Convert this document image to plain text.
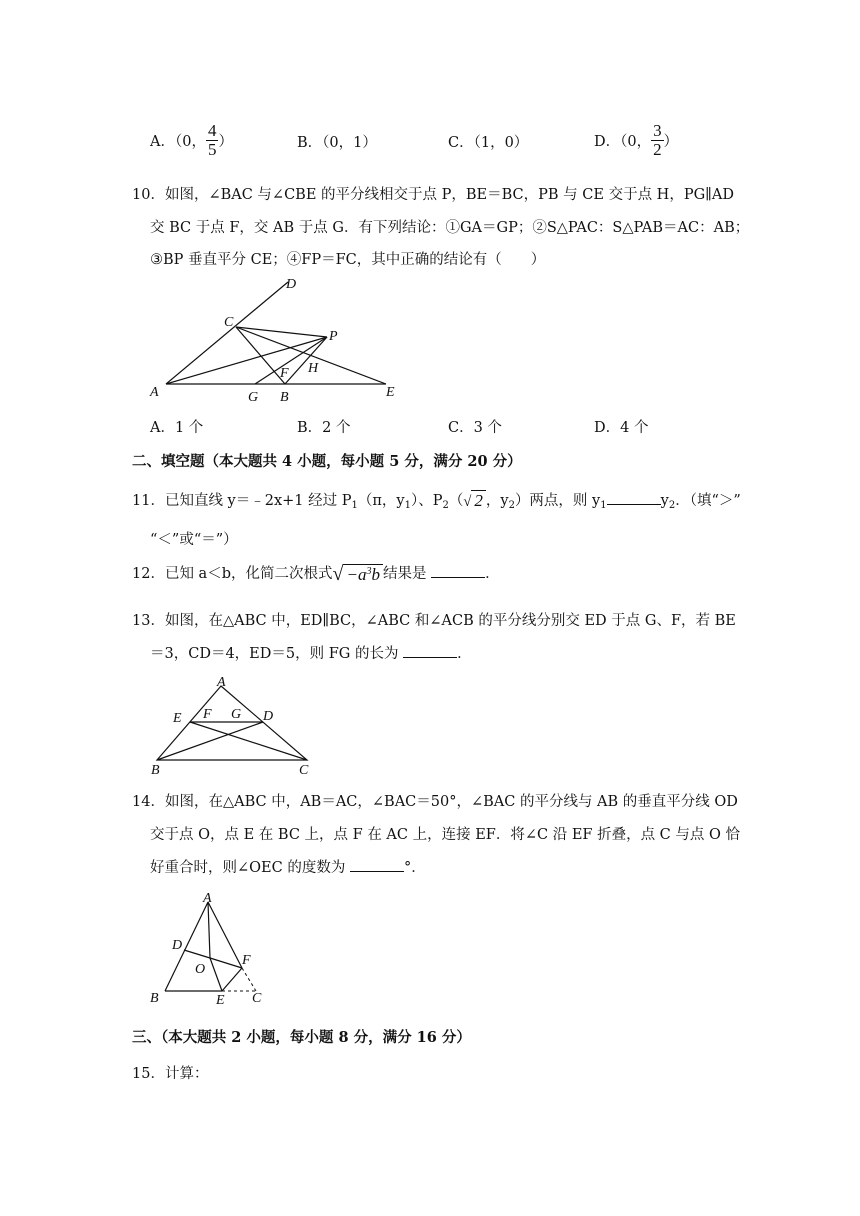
A．（0， $\frac{4}{5}$ ）	B．（0，1）	C．（1，0）	D．（0， $\frac{3}{2}$ ）
10．如图，∠BAC 与∠CBE 的平分线相交于点 P，BE＝BC，PB 与 CE 交于点 H，PG∥AD
交 BC 于点 F，交 AB 于点 G．有下列结论：①GA＝GP；②S△PAC：S△PAB＝AC：AB；
③BP 垂直平分 CE；④FP＝FC，其中正确的结论有（　　）
D
C
P
H
F
A	G B	E
A．1 个	B．2 个	C．3 个	D．4 个
二、填空题（本大题共 4 小题，每小题 5 分，满分 20 分）
11．已知直线 y＝﹣2x+1 经过 $P_1(\pi$，$y_1$）、$P_2(√$ 2 ，$y_2$）两点，则 $y_1$	$y_2$．（填“＞”
“＜”或“＝”）
12．已知 a＜b，化简二次根式√ $-a^3b$ 结果是	．
13．如图，在△ABC 中，ED∥BC，∠ABC 和∠ACB 的平分线分别交 ED 于点 G、F，若 BE
＝3，CD＝4，ED＝5，则 FG 的长为	．
A
E F G D
B	C
14．如图，在△ABC 中，AB＝AC，∠BAC＝50°，∠BAC 的平分线与 AB 的垂直平分线 OD
交于点 O，点 E 在 BC 上，点 F 在 AC 上，连接 EF．将∠C 沿 EF 折叠，点 C 与点 O 恰
好重合时，则∠OEC 的度数为	°．
A
D
O
F
B	E C
三、（本大题共 2 小题，每小题 8 分，满分 16 分）
15．计算：
